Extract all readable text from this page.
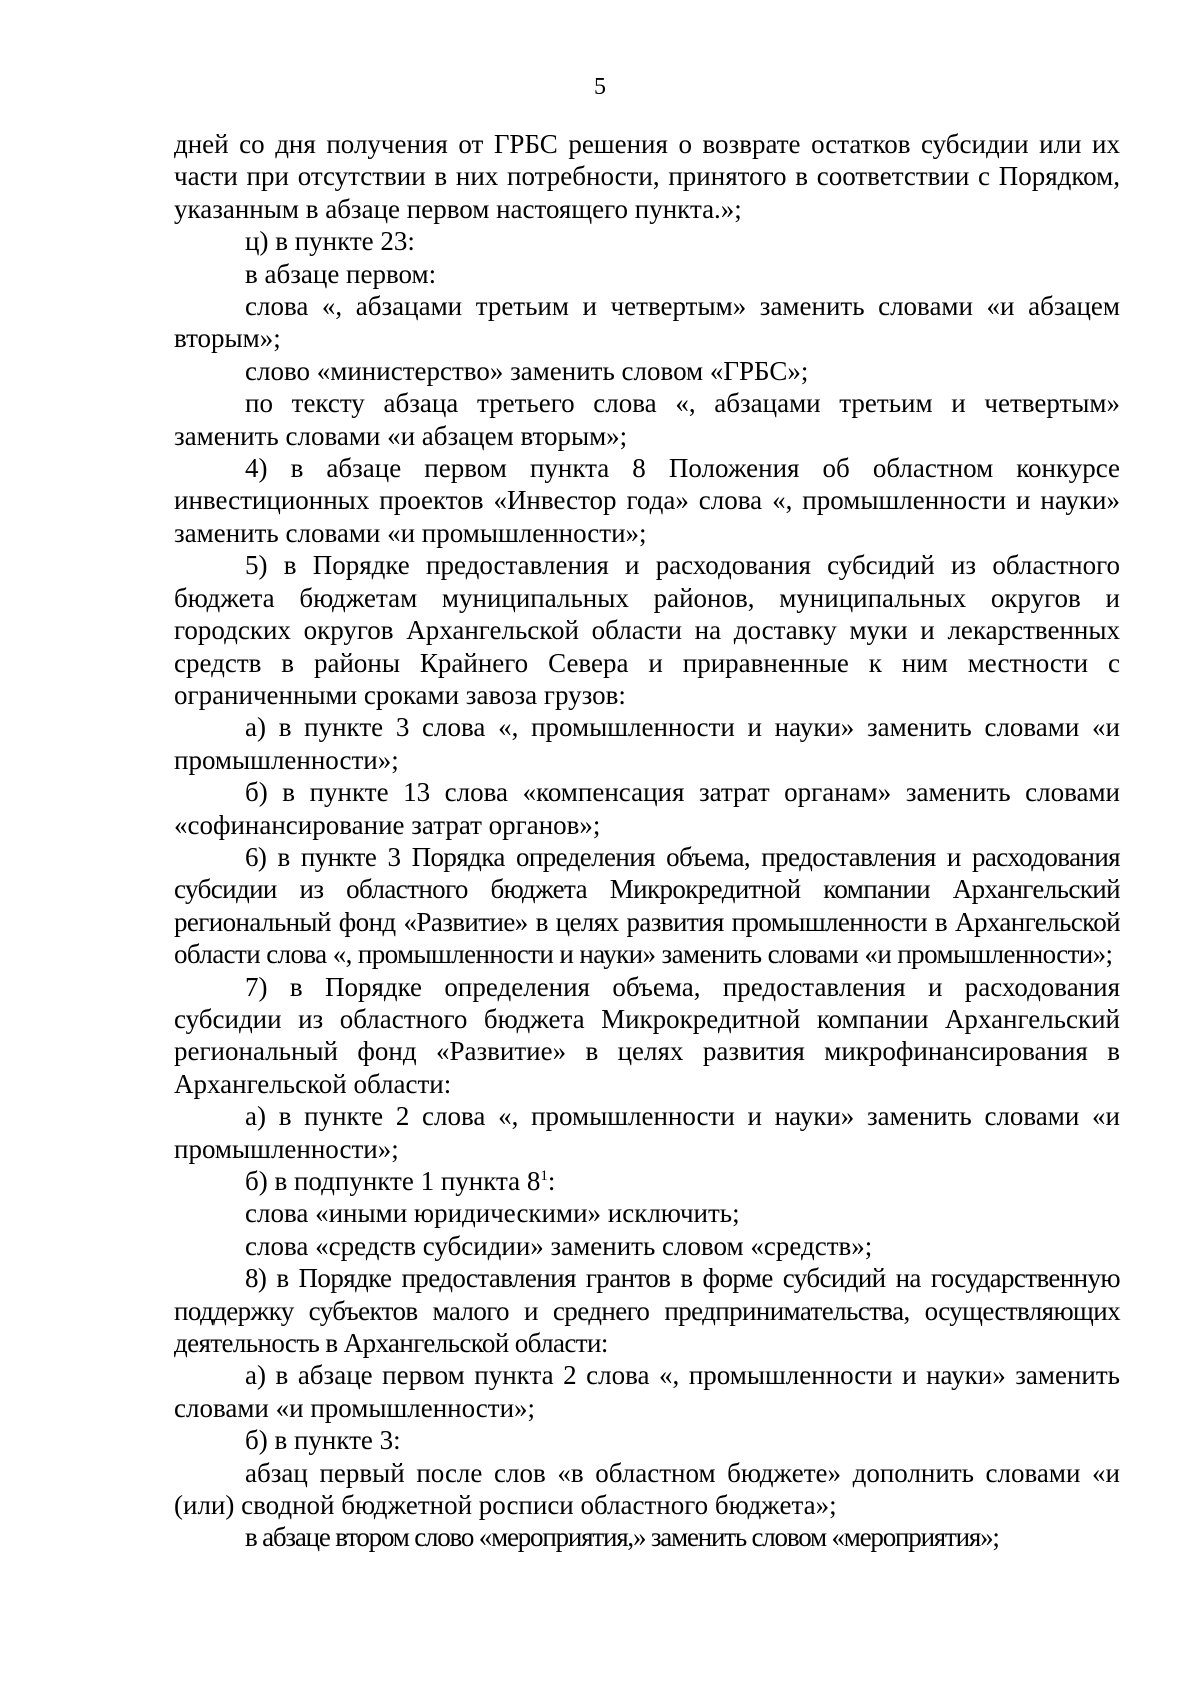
5

дней со дня получения от ГРБС решения о возврате остатков субсидии или их части при отсутствии в них потребности, принятого в соответствии с Порядком, указанным в абзаце первом настоящего пункта.»;

ц) в пункте 23:

в абзаце первом:

слова «, абзацами третьим и четвертым» заменить словами «и абзацем вторым»;

слово «министерство» заменить словом «ГРБС»;

по тексту абзаца третьего слова «, абзацами третьим и четвертым» заменить словами «и абзацем вторым»;

4) в абзаце первом пункта 8 Положения об областном конкурсе инвестиционных проектов «Инвестор года» слова «, промышленности и науки» заменить словами «и промышленности»;

5) в Порядке предоставления и расходования субсидий из областного бюджета бюджетам муниципальных районов, муниципальных округов и городских округов Архангельской области на доставку муки и лекарственных средств в районы Крайнего Севера и приравненные к ним местности с ограниченными сроками завоза грузов:

а) в пункте 3 слова «, промышленности и науки» заменить словами «и промышленности»;

б) в пункте 13 слова «компенсация затрат органам» заменить словами «софинансирование затрат органов»;

6) в пункте 3 Порядка определения объема, предоставления и расходования субсидии из областного бюджета Микрокредитной компании Архангельский региональный фонд «Развитие» в целях развития промышленности в Архангельской области слова «, промышленности и науки» заменить словами «и промышленности»;

7) в Порядке определения объема, предоставления и расходования субсидии из областного бюджета Микрокредитной компании Архангельский региональный фонд «Развитие» в целях развития микрофинансирования в Архангельской области:

а) в пункте 2 слова «, промышленности и науки» заменить словами «и промышленности»;

б) в подпункте 1 пункта $8^1$:

слова «иными юридическими» исключить;

слова «средств субсидии» заменить словом «средств»;

8) в Порядке предоставления грантов в форме субсидий на государственную поддержку субъектов малого и среднего предпринимательства, осуществляющих деятельность в Архангельской области:

а) в абзаце первом пункта 2 слова «, промышленности и науки» заменить словами «и промышленности»;

б) в пункте 3:

абзац первый после слов «в областном бюджете» дополнить словами «и (или) сводной бюджетной росписи областного бюджета»;

в абзаце втором слово «мероприятия,» заменить словом «мероприятия»;
